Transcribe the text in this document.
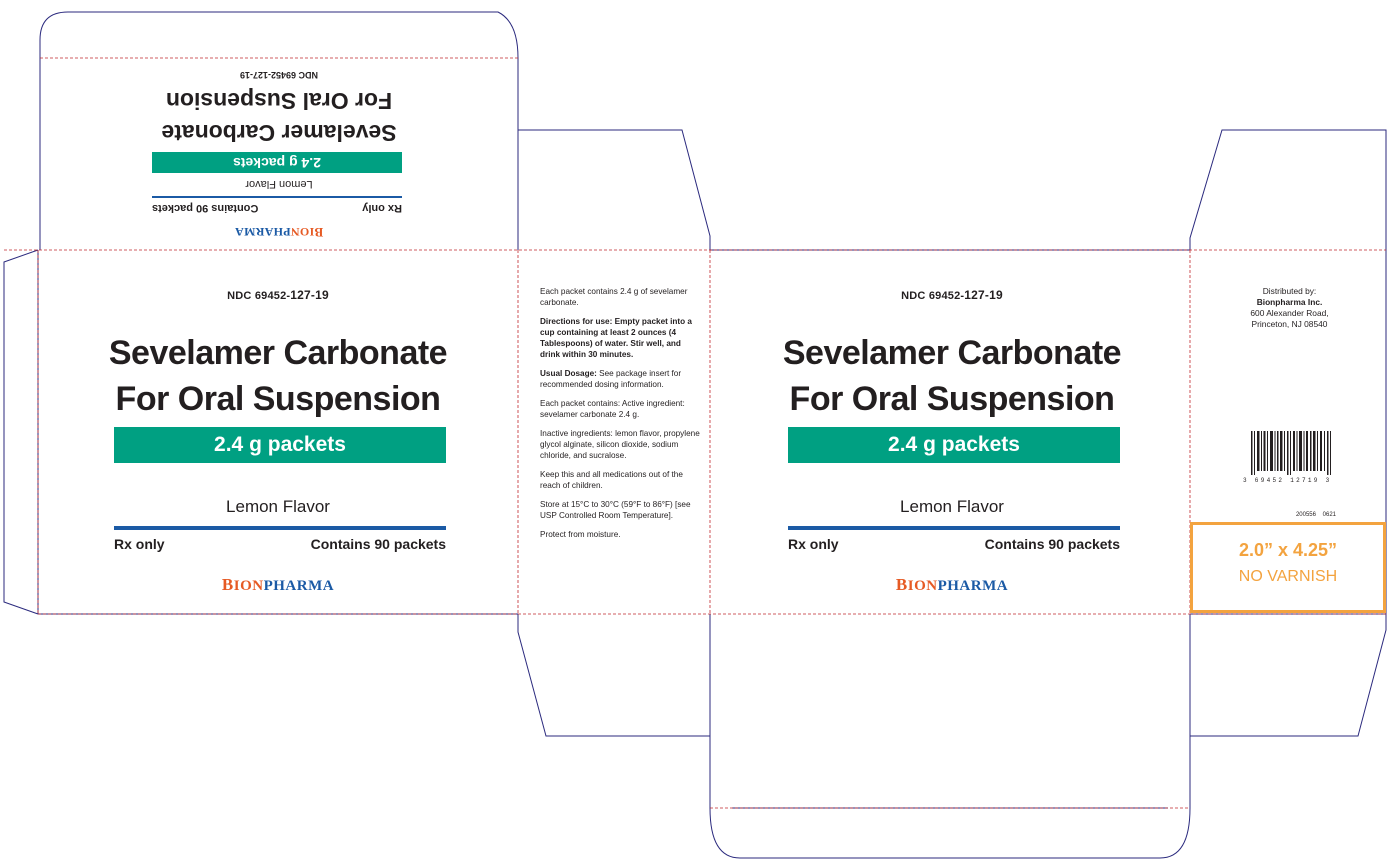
NDC 69452-127-19
Sevelamer Carbonate
For Oral Suspension
2.4 g packets
Lemon Flavor
Rx only
Contains 90 packets
BIONPHARMA
NDC 69452-127-19
Sevelamer Carbonate
For Oral Suspension
2.4 g packets
Lemon Flavor
Rx only	Contains 90 packets
BIONPHARMA

Each packet contains 2.4 g of sevelamer carbonate.

Directions for use: Empty packet into a cup containing at least 2 ounces (4 Tablespoons) of water. Stir well, and drink within 30 minutes.

Usual Dosage: See package insert for recommended dosing information.

Each packet contains: Active ingredient: sevelamer carbonate 2.4 g.

Inactive ingredients: lemon flavor, propylene glycol alginate, silicon dioxide, sodium chloride, and sucralose.

Keep this and all medications out of the reach of children.

Store at 15°C to 30°C (59°F to 86°F) [see USP Controlled Room Temperature].

Protect from moisture.

NDC 69452-127-19
Sevelamer Carbonate
For Oral Suspension
2.4 g packets
Lemon Flavor
Rx only	Contains 90 packets
BIONPHARMA
Distributed by:
Bionpharma Inc.
600 Alexander Road,
Princeton, NJ 08540
3 69452 12719 3
200556 0621
2.0” x 4.25”
NO VARNISH
